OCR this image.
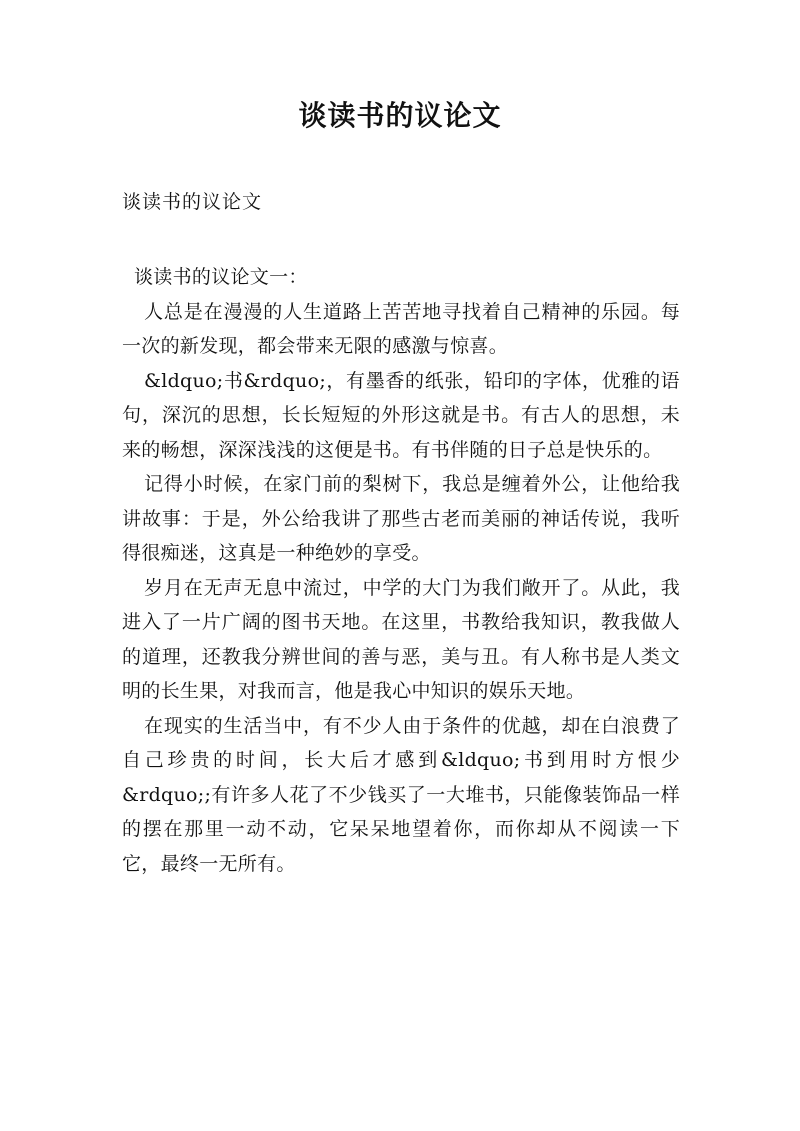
谈读书的议论文

谈读书的议论文

谈读书的议论文一：

人总是在漫漫的人生道路上苦苦地寻找着自己精神的乐园。每一次的新发现，都会带来无限的感激与惊喜。

&ldquo;书&rdquo;，有墨香的纸张，铅印的字体，优雅的语句，深沉的思想，长长短短的外形这就是书。有古人的思想，未来的畅想，深深浅浅的这便是书。有书伴随的日子总是快乐的。

记得小时候，在家门前的梨树下，我总是缠着外公，让他给我讲故事：于是，外公给我讲了那些古老而美丽的神话传说，我听得很痴迷，这真是一种绝妙的享受。

岁月在无声无息中流过，中学的大门为我们敞开了。从此，我进入了一片广阔的图书天地。在这里，书教给我知识，教我做人的道理，还教我分辨世间的善与恶，美与丑。有人称书是人类文明的长生果，对我而言，他是我心中知识的娱乐天地。

在现实的生活当中，有不少人由于条件的优越，却在白浪费了自己珍贵的时间，长大后才感到&ldquo;书到用时方恨少&rdquo;;有许多人花了不少钱买了一大堆书，只能像装饰品一样的摆在那里一动不动，它呆呆地望着你，而你却从不阅读一下它，最终一无所有。
